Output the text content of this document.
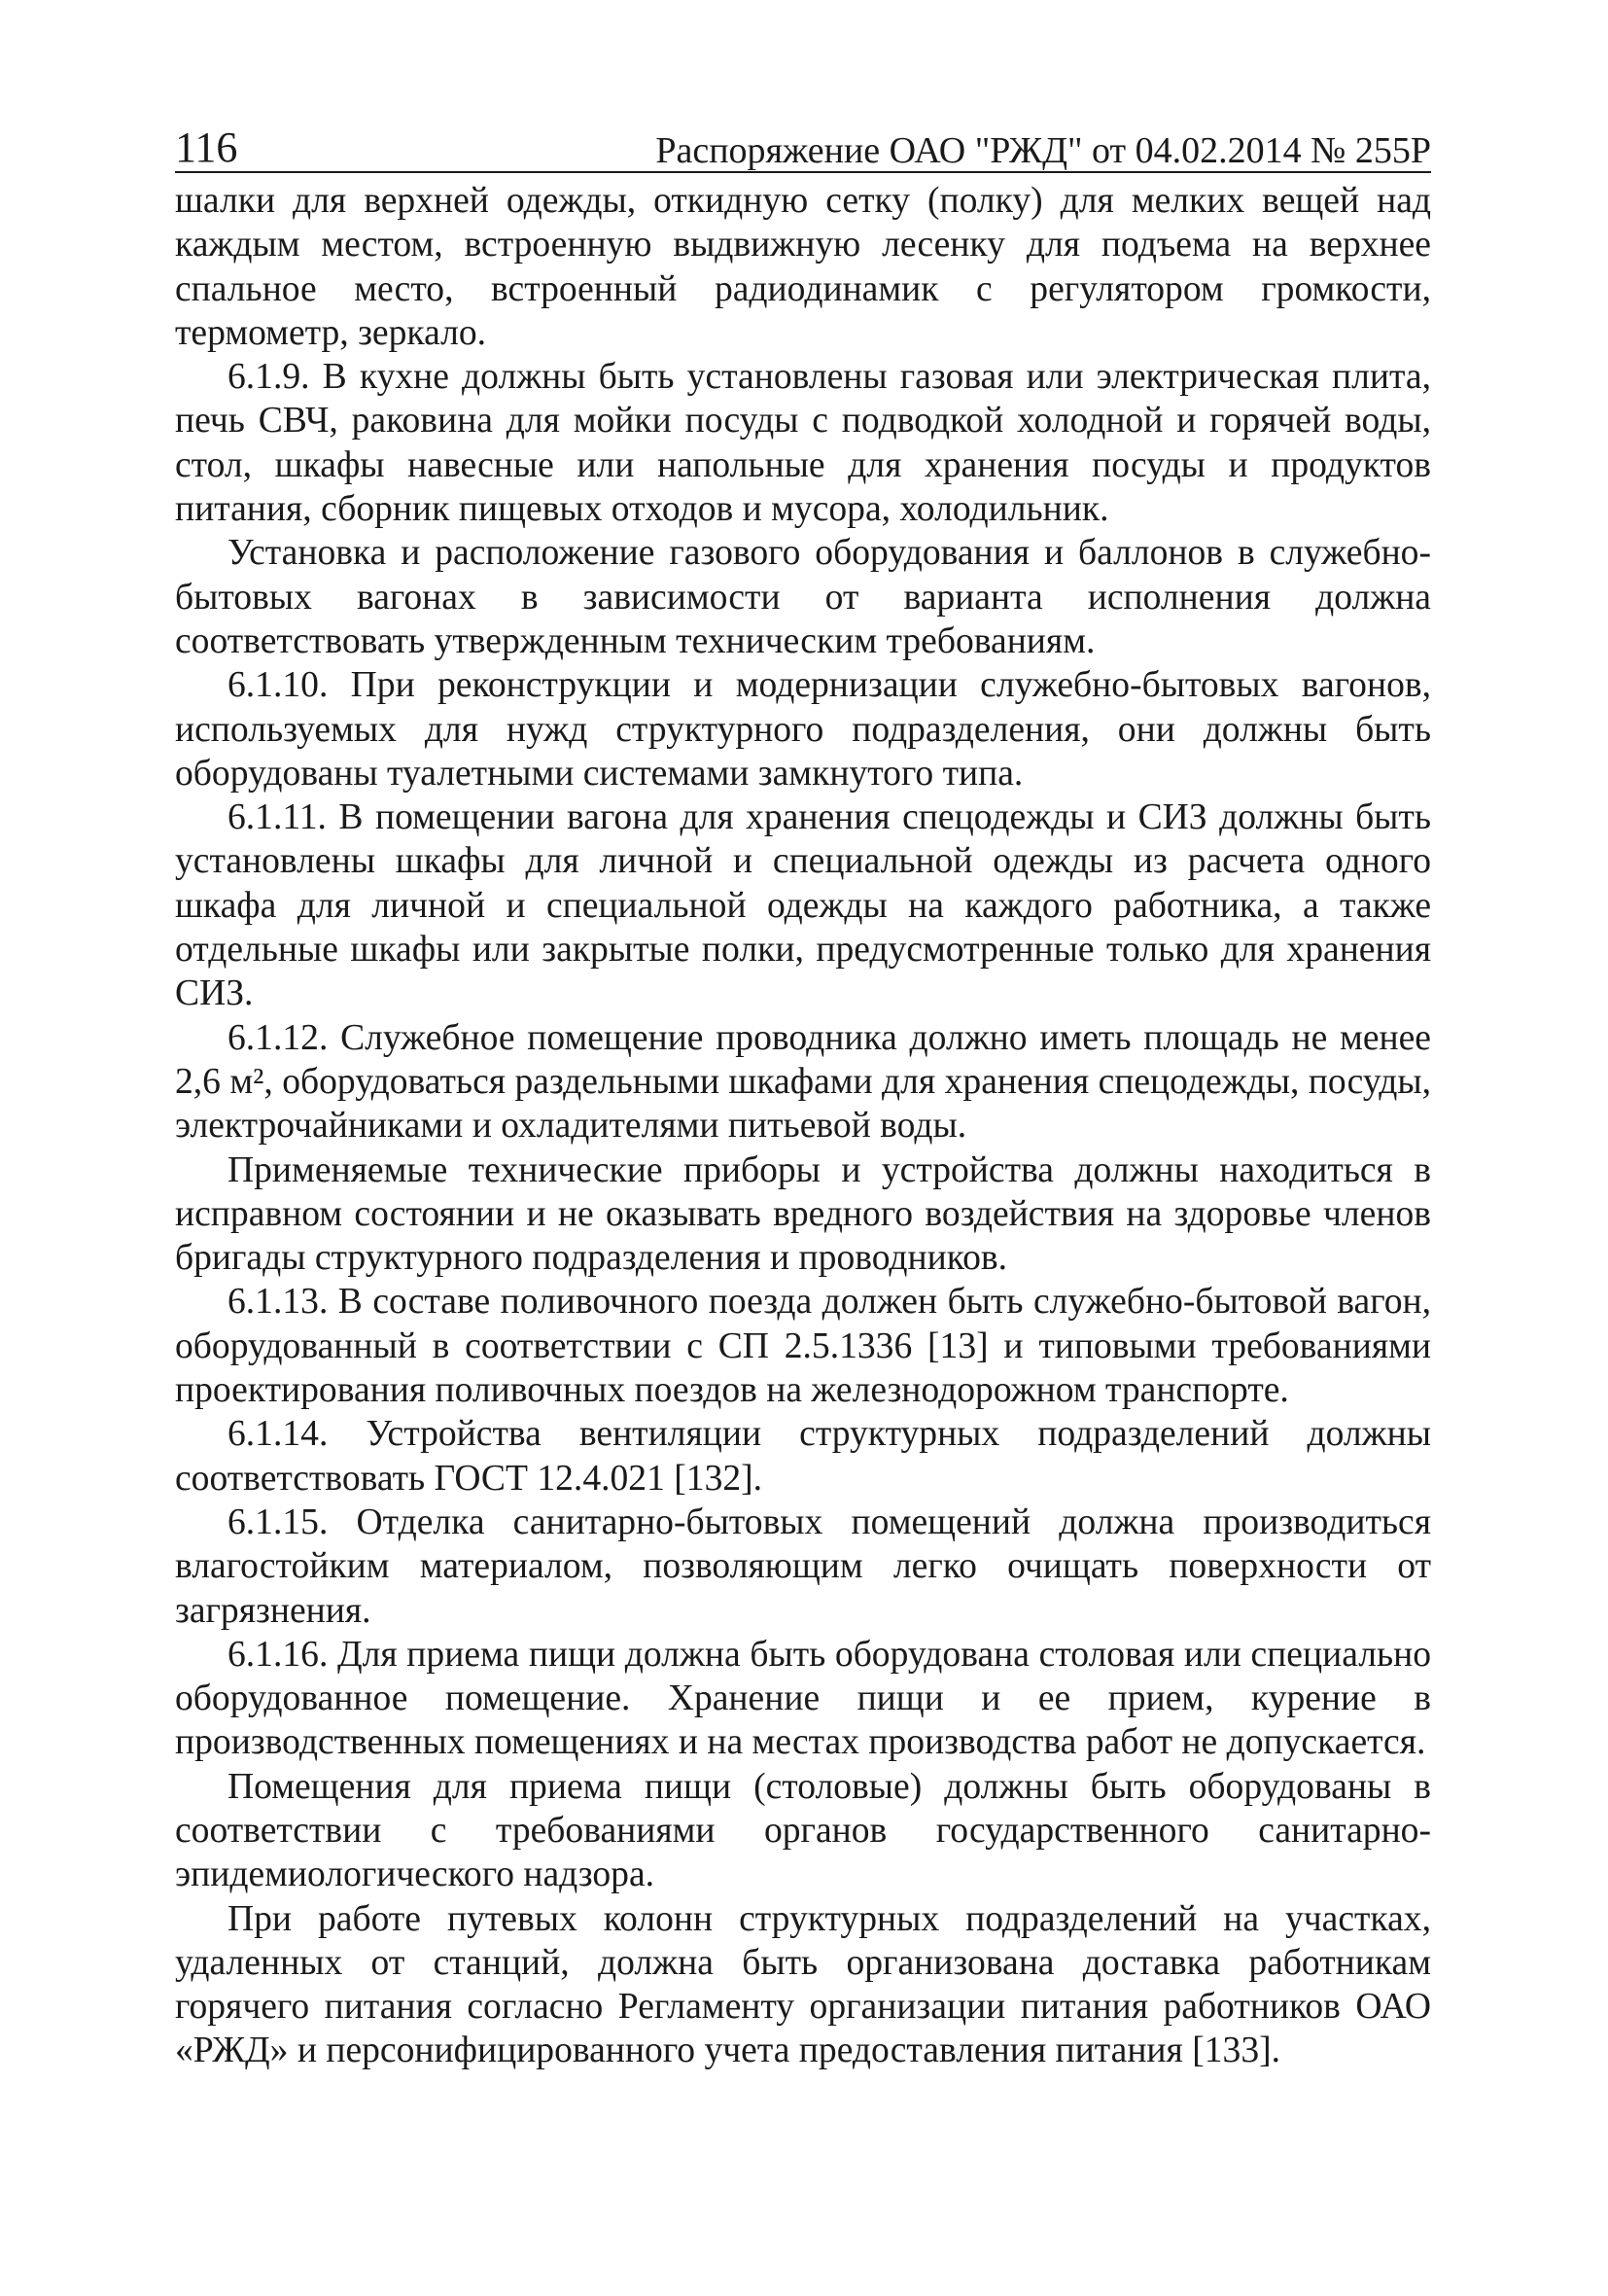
116	Распоряжение ОАО "РЖД" от 04.02.2014 № 255Р

шалки для верхней одежды, откидную сетку (полку) для мелких вещей над каждым местом, встроенную выдвижную лесенку для подъема на верхнее спальное место, встроенный радиодинамик с регулятором громкости, термометр, зеркало.

6.1.9. В кухне должны быть установлены газовая или электрическая плита, печь СВЧ, раковина для мойки посуды с подводкой холодной и горячей воды, стол, шкафы навесные или напольные для хранения посуды и продуктов питания, сборник пищевых отходов и мусора, холодильник.

Установка и расположение газового оборудования и баллонов в служебно-бытовых вагонах в зависимости от варианта исполнения должна соответствовать утвержденным техническим требованиям.

6.1.10. При реконструкции и модернизации служебно-бытовых вагонов, используемых для нужд структурного подразделения, они должны быть оборудованы туалетными системами замкнутого типа.

6.1.11. В помещении вагона для хранения спецодежды и СИЗ должны быть установлены шкафы для личной и специальной одежды из расчета одного шкафа для личной и специальной одежды на каждого работника, а также отдельные шкафы или закрытые полки, предусмотренные только для хранения СИЗ.

6.1.12. Служебное помещение проводника должно иметь площадь не менее 2,6 м², оборудоваться раздельными шкафами для хранения спецодежды, посуды, электрочайниками и охладителями питьевой воды.

Применяемые технические приборы и устройства должны находиться в исправном состоянии и не оказывать вредного воздействия на здоровье членов бригады структурного подразделения и проводников.

6.1.13. В составе поливочного поезда должен быть служебно-бытовой вагон, оборудованный в соответствии с СП 2.5.1336 [13] и типовыми требованиями проектирования поливочных поездов на железнодорожном транспорте.

6.1.14. Устройства вентиляции структурных подразделений должны соответствовать ГОСТ 12.4.021 [132].

6.1.15. Отделка санитарно-бытовых помещений должна производиться влагостойким материалом, позволяющим легко очищать поверхности от загрязнения.

6.1.16. Для приема пищи должна быть оборудована столовая или специально оборудованное помещение. Хранение пищи и ее прием, курение в производственных помещениях и на местах производства работ не допускается.

Помещения для приема пищи (столовые) должны быть оборудованы в соответствии с требованиями органов государственного санитарно-эпидемиологического надзора.

При работе путевых колонн структурных подразделений на участках, удаленных от станций, должна быть организована доставка работникам горячего питания согласно Регламенту организации питания работников ОАО «РЖД» и персонифицированного учета предоставления питания [133].
